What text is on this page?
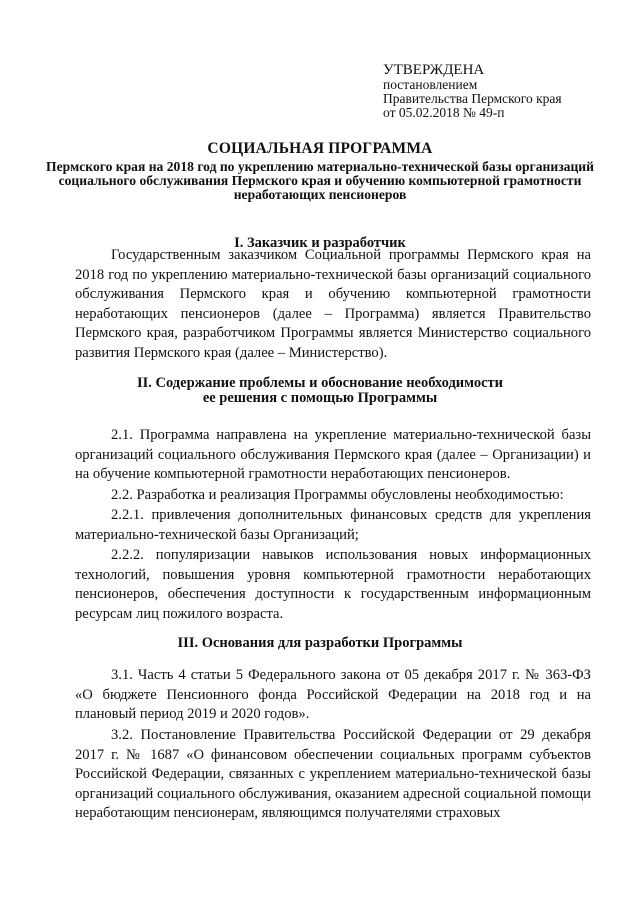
УТВЕРЖДЕНА
постановлением
Правительства Пермского края
от 05.02.2018 № 49-п
СОЦИАЛЬНАЯ ПРОГРАММА
Пермского края на 2018 год по укреплению материально-технической базы организаций социального обслуживания Пермского края и обучению компьютерной грамотности неработающих пенсионеров
I. Заказчик и разработчик

Государственным заказчиком Социальной программы Пермского края на 2018 год по укреплению материально-технической базы организаций социального обслуживания Пермского края и обучению компьютерной грамотности неработающих пенсионеров (далее – Программа) является Правительство Пермского края, разработчиком Программы является Министерство социального развития Пермского края (далее – Министерство).

II. Содержание проблемы и обоснование необходимости
ее решения с помощью Программы

2.1. Программа направлена на укрепление материально-технической базы организаций социального обслуживания Пермского края (далее – Организации) и на обучение компьютерной грамотности неработающих пенсионеров.

2.2. Разработка и реализация Программы обусловлены необходимостью:

2.2.1. привлечения дополнительных финансовых средств для укрепления материально-технической базы Организаций;

2.2.2. популяризации навыков использования новых информационных технологий, повышения уровня компьютерной грамотности неработающих пенсионеров, обеспечения доступности к государственным информационным ресурсам лиц пожилого возраста.

III. Основания для разработки Программы

3.1. Часть 4 статьи 5 Федерального закона от 05 декабря 2017 г. № 363-ФЗ «О бюджете Пенсионного фонда Российской Федерации на 2018 год и на плановый период 2019 и 2020 годов».

3.2. Постановление Правительства Российской Федерации от 29 декабря 2017 г. № 1687 «О финансовом обеспечении социальных программ субъектов Российской Федерации, связанных с укреплением материально-технической базы организаций социального обслуживания, оказанием адресной социальной помощи неработающим пенсионерам, являющимся получателями страховых
